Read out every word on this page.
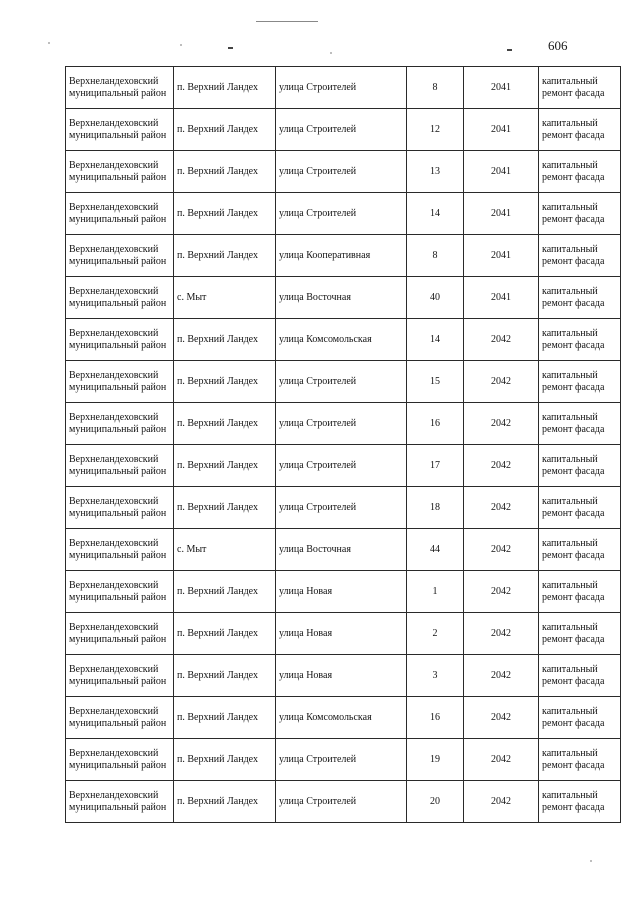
606
Верхнеландеховский муниципальный район	п. Верхний Ландех	улица Строителей	8	2041	капитальный ремонт фасада
Верхнеландеховский муниципальный район	п. Верхний Ландех	улица Строителей	12	2041	капитальный ремонт фасада
Верхнеландеховский муниципальный район	п. Верхний Ландех	улица Строителей	13	2041	капитальный ремонт фасада
Верхнеландеховский муниципальный район	п. Верхний Ландех	улица Строителей	14	2041	капитальный ремонт фасада
Верхнеландеховский муниципальный район	п. Верхний Ландех	улица Кооперативная	8	2041	капитальный ремонт фасада
Верхнеландеховский муниципальный район	с. Мыт	улица Восточная	40	2041	капитальный ремонт фасада
Верхнеландеховский муниципальный район	п. Верхний Ландех	улица Комсомольская	14	2042	капитальный ремонт фасада
Верхнеландеховский муниципальный район	п. Верхний Ландех	улица Строителей	15	2042	капитальный ремонт фасада
Верхнеландеховский муниципальный район	п. Верхний Ландех	улица Строителей	16	2042	капитальный ремонт фасада
Верхнеландеховский муниципальный район	п. Верхний Ландех	улица Строителей	17	2042	капитальный ремонт фасада
Верхнеландеховский муниципальный район	п. Верхний Ландех	улица Строителей	18	2042	капитальный ремонт фасада
Верхнеландеховский муниципальный район	с. Мыт	улица Восточная	44	2042	капитальный ремонт фасада
Верхнеландеховский муниципальный район	п. Верхний Ландех	улица Новая	1	2042	капитальный ремонт фасада
Верхнеландеховский муниципальный район	п. Верхний Ландех	улица Новая	2	2042	капитальный ремонт фасада
Верхнеландеховский муниципальный район	п. Верхний Ландех	улица Новая	3	2042	капитальный ремонт фасада
Верхнеландеховский муниципальный район	п. Верхний Ландех	улица Комсомольская	16	2042	капитальный ремонт фасада
Верхнеландеховский муниципальный район	п. Верхний Ландех	улица Строителей	19	2042	капитальный ремонт фасада
Верхнеландеховский муниципальный район	п. Верхний Ландех	улица Строителей	20	2042	капитальный ремонт фасада
